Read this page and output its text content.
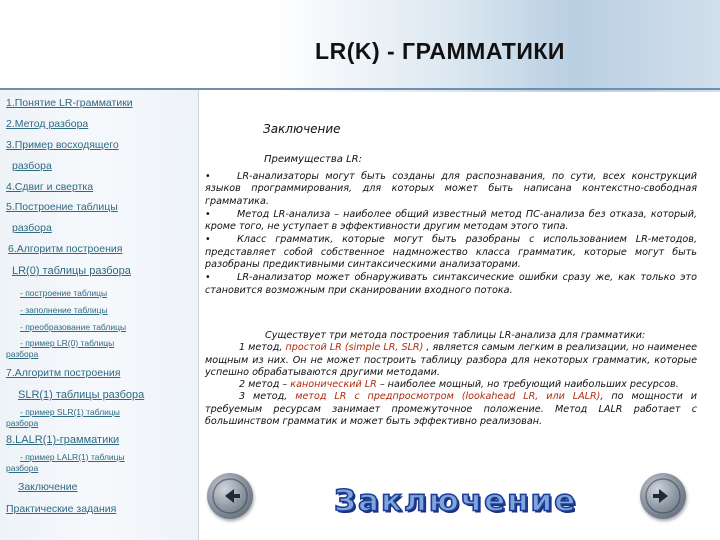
LR(K) - ГРАММАТИКИ
1.Понятие LR-грамматики
2.Метод разбора
3.Пример восходящего
разбора
4.Сдвиг и свертка
5.Построение таблицы
разбора
6.Алгоритм построения
LR(0) таблицы разбора
- построение таблицы
- заполнение таблицы
- преобразование таблицы
- пример LR(0) таблицы
разбора
7.Алгоритм построения
SLR(1) таблицы разбора
- пример SLR(1) таблицы
разбора
8.LALR(1)-грамматики
- пример LALR(1) таблицы
разбора
Заключение
Практические задания
Заключение
Преимущества LR:

•	LR-анализаторы могут быть созданы для распознавания, по сути, всех конструкций языков программирования, для которых может быть написана контекстно-свободная грамматика.

•	Метод LR-анализа – наиболее общий известный метод ПС-анализа без отказа, который, кроме того, не уступает в эффективности другим методам этого типа.

•	Класс грамматик, которые могут быть разобраны с использованием LR-методов, представляет собой собственное надмножество класса грамматик, которые могут быть разобраны предиктивными синтаксическими анализаторами.

•	LR-анализатор может обнаруживать синтаксические ошибки сразу же, как только это становится возможным при сканировании входного потока.

Существует три метода построения таблицы LR-анализа для грамматики:

1 метод, простой LR (simple LR, SLR) , является самым легким в реализации, но наименее мощным из них. Он не может построить таблицу разбора для некоторых грамматик, которые успешно обрабатываются другими методами.

2 метод – канонический LR – наиболее мощный, но требующий наибольших ресурсов.

3 метод, метод LR с предпросмотром (lookahead LR, или LALR), по мощности и требуемым ресурсам занимает промежуточное положение. Метод LALR работает с большинством грамматик и может быть эффективно реализован.

Заключение
